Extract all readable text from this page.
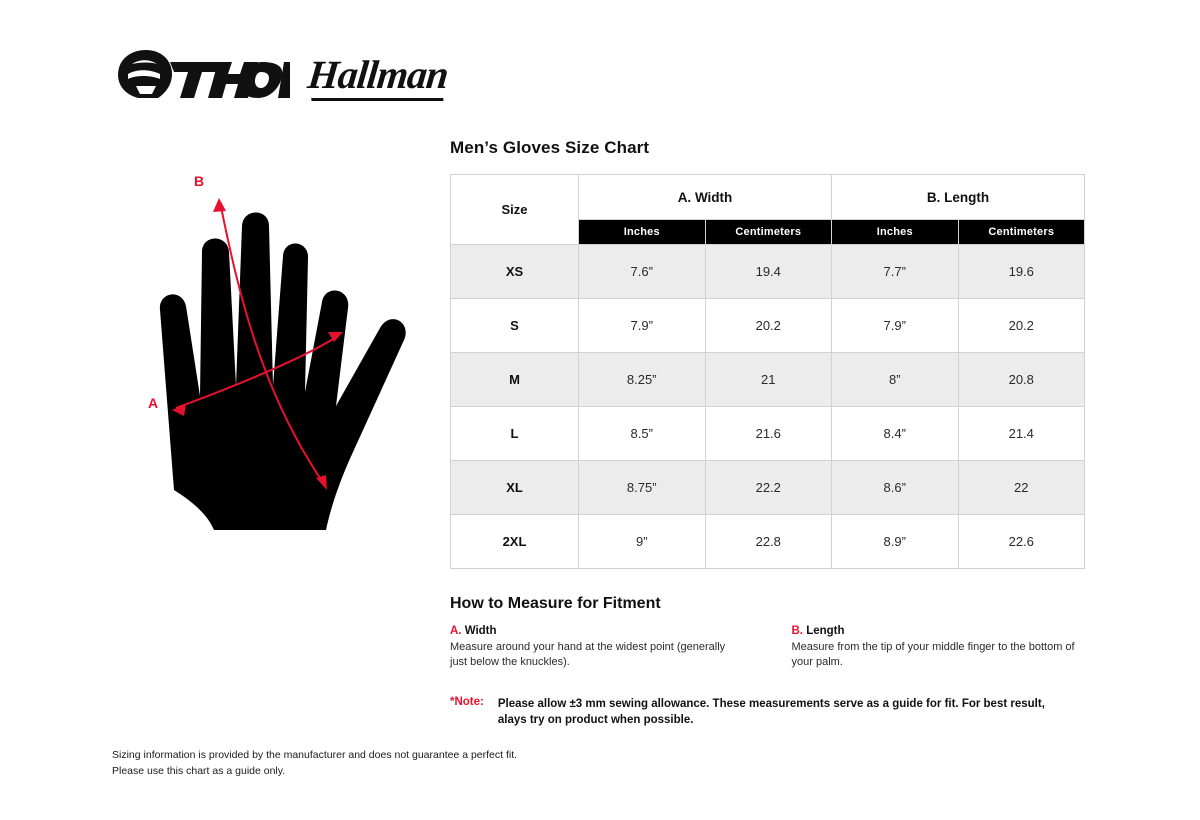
Hallman
B
A
Men’s Gloves Size Chart
Size	A. Width		B. Length	
	Inches	Centimeters	Inches	Centimeters
XS	7.6”	19.4	7.7”	19.6
S	7.9”	20.2	7.9”	20.2
M	8.25”	21	8”	20.8
L	8.5”	21.6	8.4”	21.4
XL	8.75”	22.2	8.6”	22
2XL	9”	22.8	8.9”	22.6
How to Measure for Fitment
A. Width
Measure around your hand at the widest point (generally just below the knuckles).
B. Length
Measure from the tip of your middle finger to the bottom of your palm.
*Note: Please allow ±3 mm sewing allowance. These measurements serve as a guide for fit. For best result, alays try on product when possible.
Sizing information is provided by the manufacturer and does not guarantee a perfect fit.
Please use this chart as a guide only.
